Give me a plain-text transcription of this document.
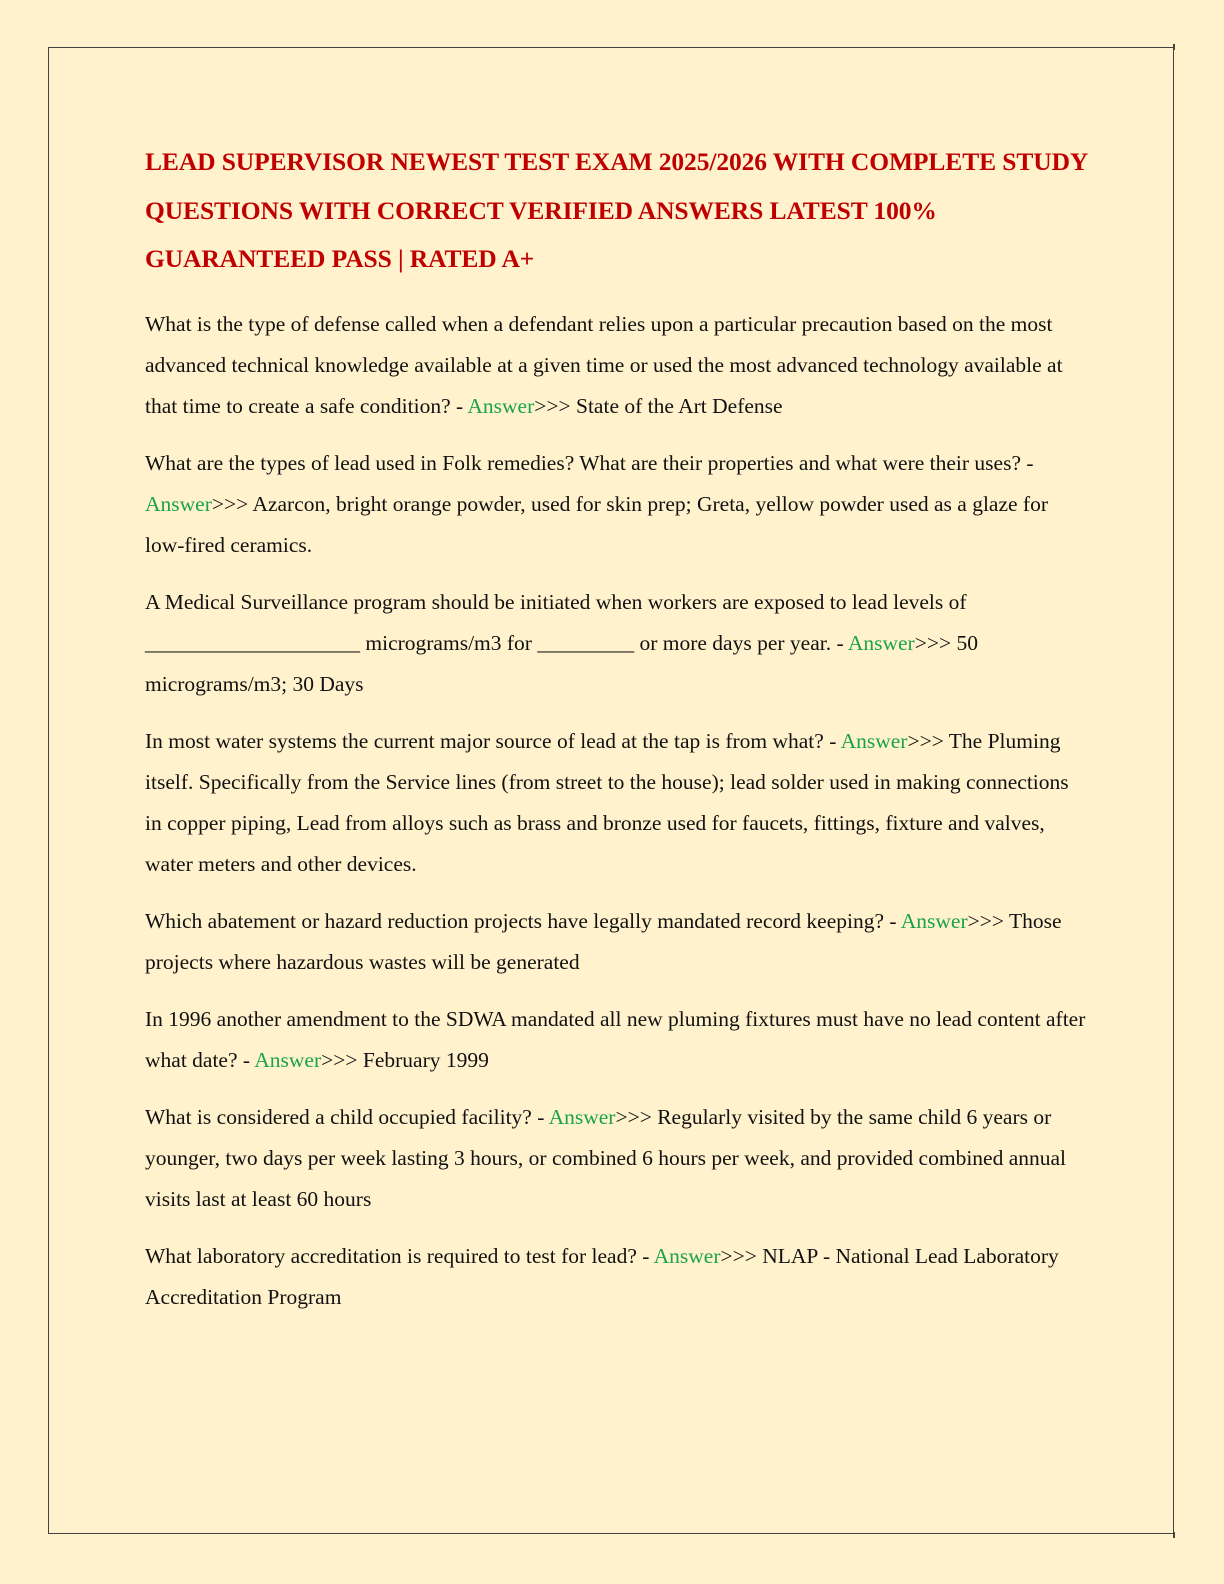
LEAD SUPERVISOR NEWEST TEST EXAM 2025/2026 WITH COMPLETE STUDY QUESTIONS WITH CORRECT VERIFIED ANSWERS LATEST 100% GUARANTEED PASS | RATED A+

What is the type of defense called when a defendant relies upon a particular precaution based on the most advanced technical knowledge available at a given time or used the most advanced technology available at that time to create a safe condition? - Answer>>> State of the Art Defense

What are the types of lead used in Folk remedies? What are their properties and what were their uses? - Answer>>> Azarcon, bright orange powder, used for skin prep; Greta, yellow powder used as a glaze for low-fired ceramics.

A Medical Surveillance program should be initiated when workers are exposed to lead levels of ____________________ micrograms/m3 for _________ or more days per year. - Answer>>> 50 micrograms/m3; 30 Days

In most water systems the current major source of lead at the tap is from what? - Answer>>> The Pluming itself. Specifically from the Service lines (from street to the house); lead solder used in making connections in copper piping, Lead from alloys such as brass and bronze used for faucets, fittings, fixture and valves, water meters and other devices.

Which abatement or hazard reduction projects have legally mandated record keeping? - Answer>>> Those projects where hazardous wastes will be generated

In 1996 another amendment to the SDWA mandated all new pluming fixtures must have no lead content after what date? - Answer>>> February 1999

What is considered a child occupied facility? - Answer>>> Regularly visited by the same child 6 years or younger, two days per week lasting 3 hours, or combined 6 hours per week, and provided combined annual visits last at least 60 hours

What laboratory accreditation is required to test for lead? - Answer>>> NLAP - National Lead Laboratory Accreditation Program
